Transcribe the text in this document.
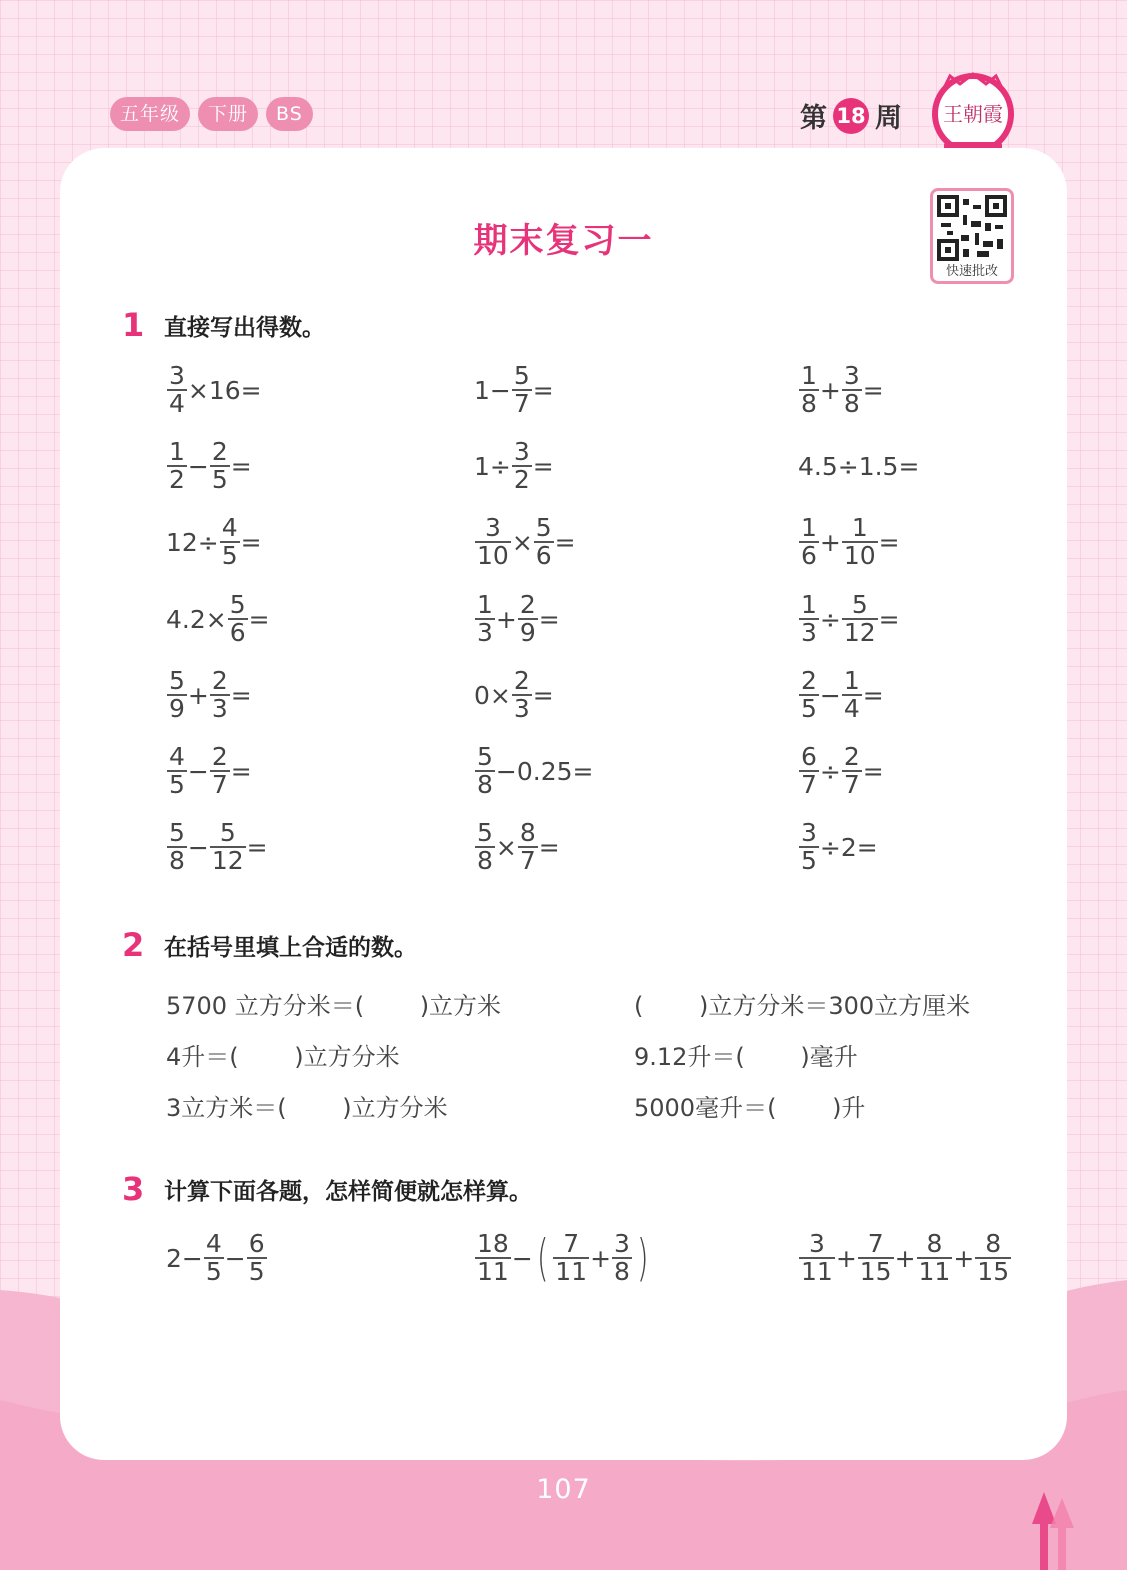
五年级	下册	BS	第 18 周 王朝霞
期末复习一
快速批改
1 直接写出得数。
$\frac{3}{4} \times 16=$	$1- \frac{5}{7}$ =	$\frac{1}{8} + \frac{3}{8}$ =
$\frac{1}{2} - \frac{2}{5}$ =	$1\div \frac{3}{2}$ =	4.5÷1.5=
$12\div \frac{4}{5}$ =	$\frac{3}{10} \times \frac{5}{6}$ =	$\frac{1}{6} + \frac{1}{10}$ =
$4.2\times \frac{5}{6}$ =	$\frac{1}{3} + \frac{2}{9}$ =	$\frac{1}{3} \div \frac{5}{12}$ =
$\frac{5}{9} + \frac{2}{3}$ =	$0\times \frac{2}{3}$ =	$\frac{2}{5} - \frac{1}{4}$ =
$\frac{4}{5} - \frac{2}{7}$ =	$\frac{5}{8} -0.25=$	$\frac{6}{7} \div \frac{2}{7}$ =
$\frac{5}{8} - \frac{5}{12}$ =	$\frac{5}{8} \times \frac{8}{7}$ =	$\frac{3}{5} \div 2=$
2 在括号里填上合适的数。
5700 立方分米＝(　　 )立方米	(　　 )立方分米＝300立方厘米
4升＝(　　 )立方分米	9.12升＝(　　 )毫升
3立方米＝(　　 )立方分米	5000毫升＝(　　 )升
3 计算下面各题，怎样简便就怎样算。
$2- \frac{4}{5} - \frac{6}{5}$	$\frac{18}{11}$ − ( $\frac{7}{11} + \frac{3}{8}$ )	$\frac{3}{11} + \frac{7}{15} + \frac{8}{11} + \frac{8}{15}$
107
